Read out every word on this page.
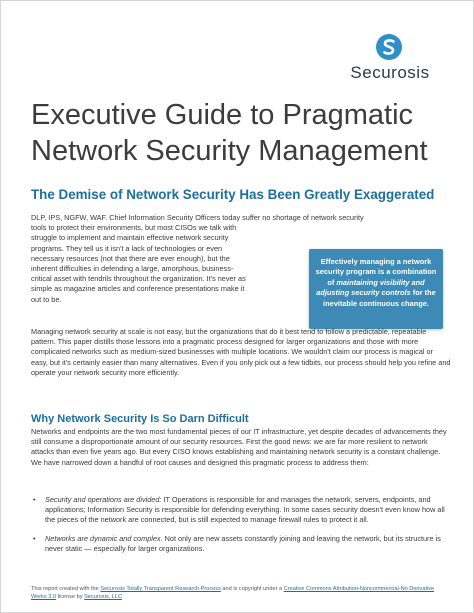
Securosis
Executive Guide to Pragmatic
Network Security Management
The Demise of Network Security Has Been Greatly Exaggerated

DLP, IPS, NGFW, WAF. Chief Information Security Officers today suffer no shortage of network security
tools to protect their environments, but most CISOs we talk with
struggle to implement and maintain effective network security
programs. They tell us it isn't a lack of technologies or even
necessary resources (not that there are ever enough), but the
inherent difficulties in defending a large, amorphous, business-
critical asset with tendrils throughout the organization. It's never as
simple as magazine articles and conference presentations make it
out to be.

Effectively managing a network security program is a combination of maintaining visibility and adjusting security controls for the inevitable continuous change.

Managing network security at scale is not easy, but the organizations that do it best tend to follow a predictable, repeatable pattern. This paper distills those lessons into a pragmatic process designed for larger organizations and those with more complicated networks such as medium-sized businesses with multiple locations. We wouldn't claim our process is magical or easy, but it's certainly easier than many alternatives. Even if you only pick out a few tidbits, our process should help you refine and operate your network security more efficiently.

Why Network Security Is So Darn Difficult

Networks and endpoints are the two most fundamental pieces of our IT infrastructure, yet despite decades of advancements they still consume a disproportionate amount of our security resources. First the good news: we are far more resilient to network attacks than even five years ago. But every CISO knows establishing and maintaining network security is a constant challenge. We have narrowed down a handful of root causes and designed this pragmatic process to address them:

• Security and operations are divided: IT Operations is responsible for and manages the network, servers, endpoints, and applications; Information Security is responsible for defending everything. In some cases security doesn't even know how all the pieces of the network are connected, but is still expected to manage firewall rules to protect it all.
• Networks are dynamic and complex. Not only are new assets constantly joining and leaving the network, but its structure is never static — especially for larger organizations.
This report created with the Securosis Totally Transparent Research Process and is copyright under a Creative Commons Attribution-Noncommercial-No Derivative Works 3.0 license by Securosis, LLC
